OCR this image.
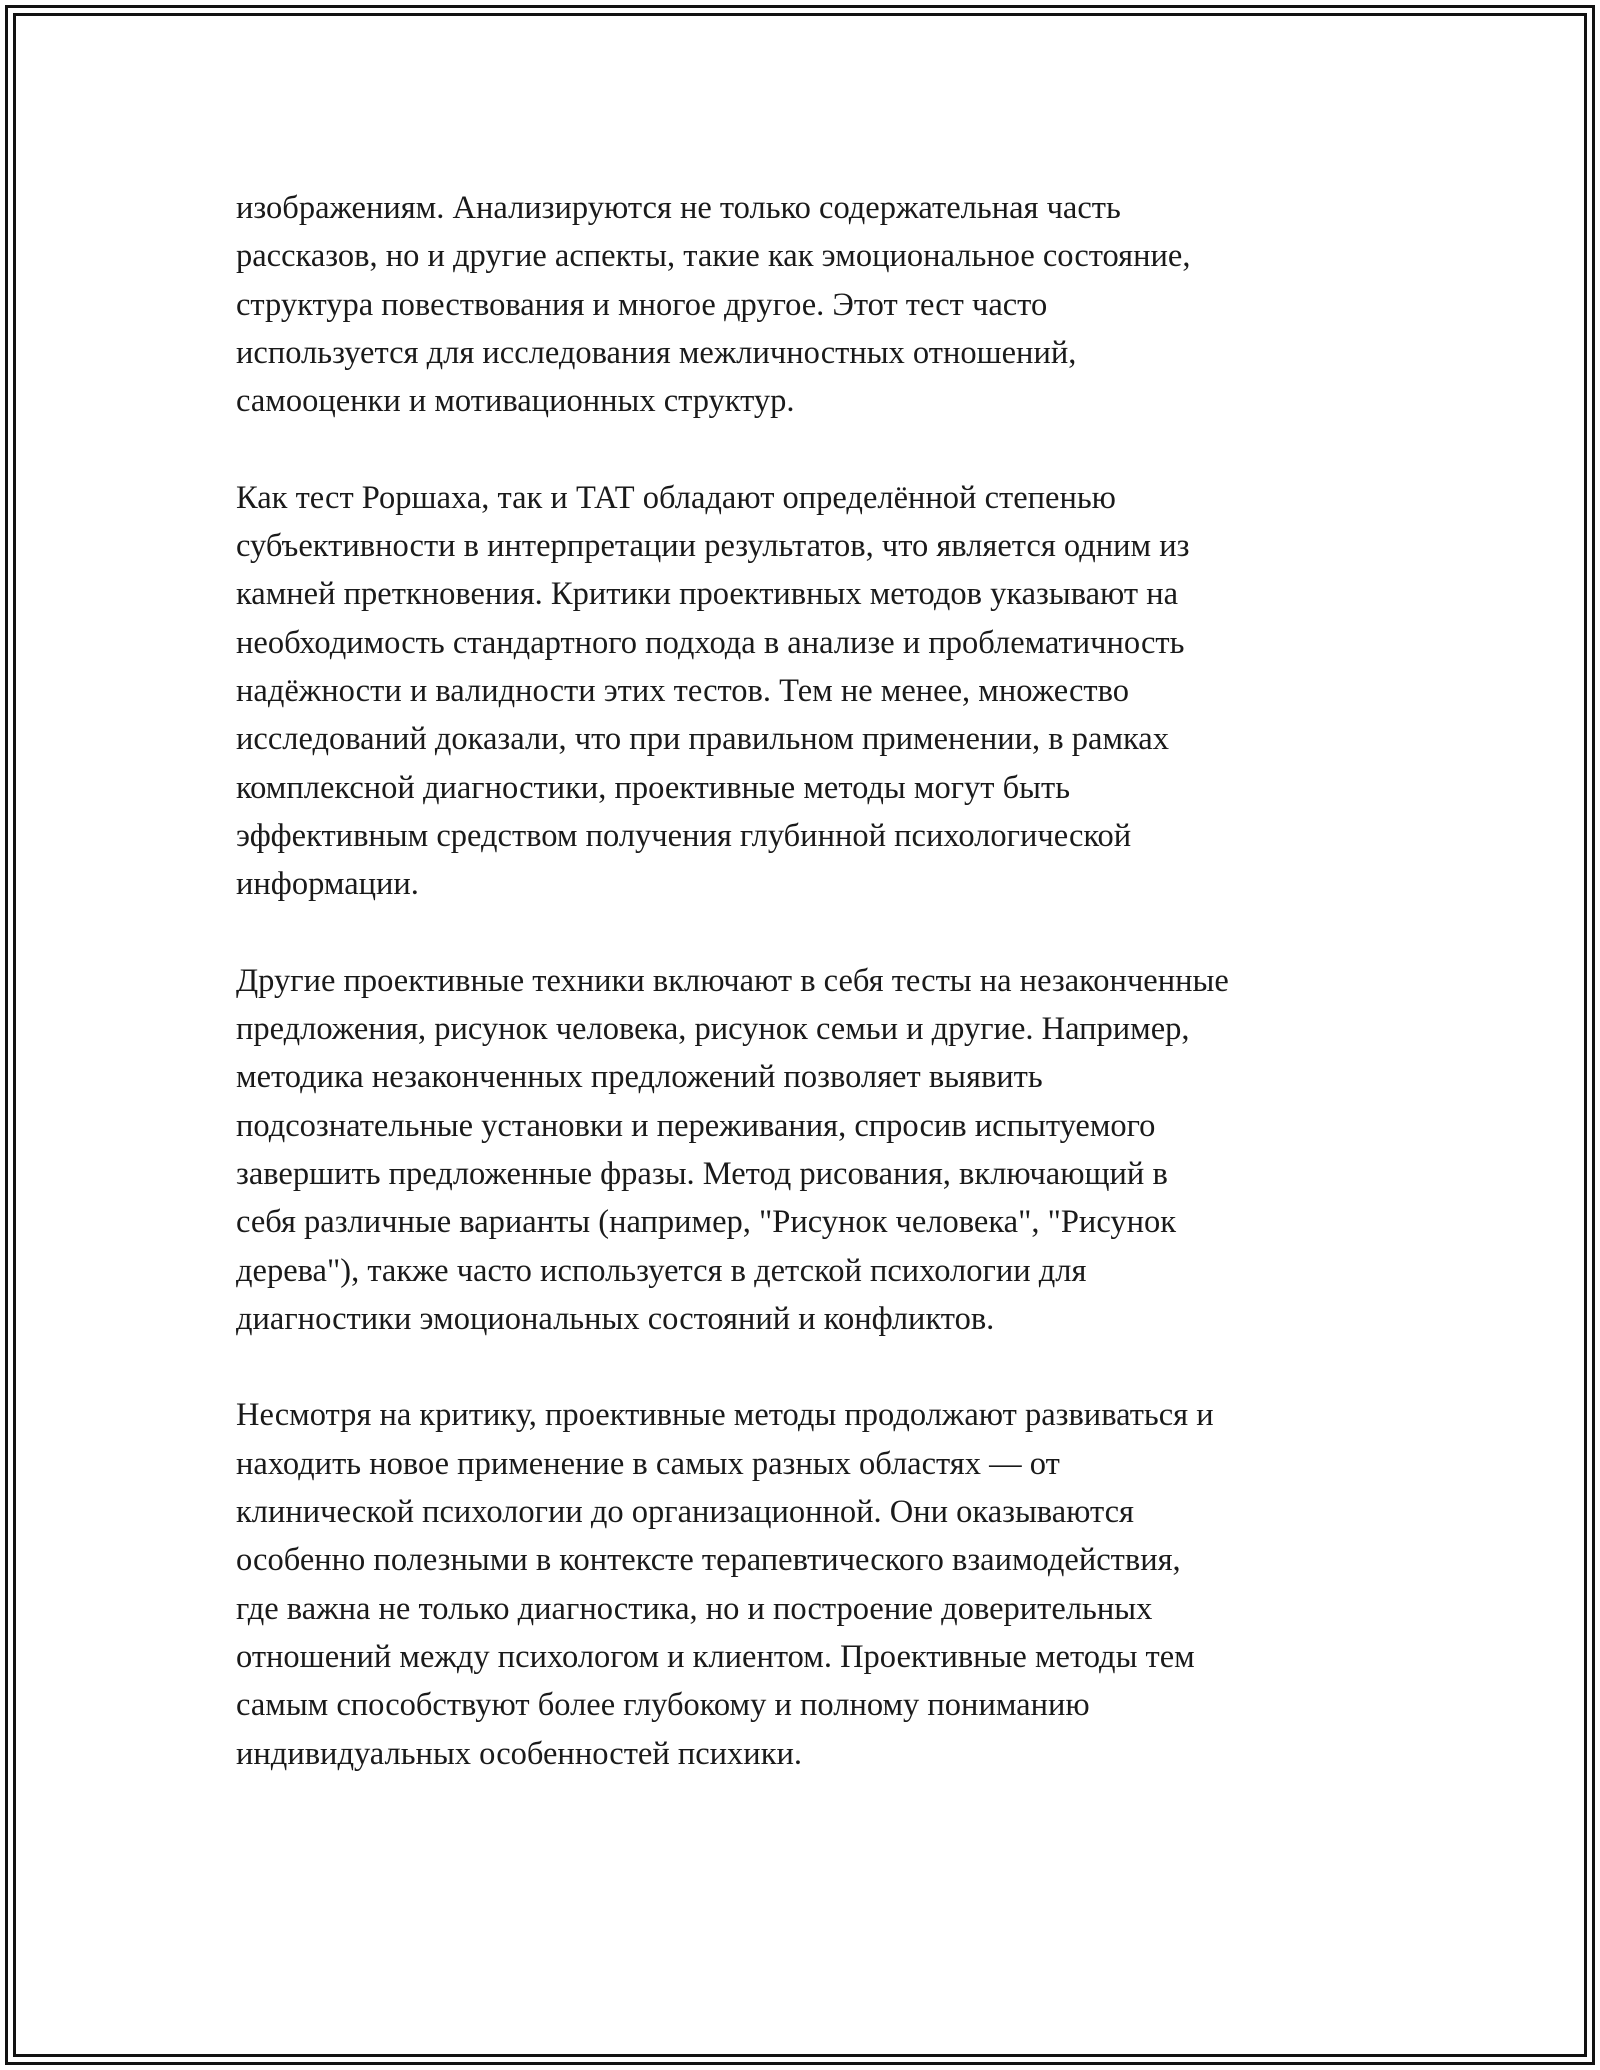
изображениям. Анализируются не только содержательная часть
рассказов, но и другие аспекты, такие как эмоциональное состояние,
структура повествования и многое другое. Этот тест часто
используется для исследования межличностных отношений,
самооценки и мотивационных структур.

Как тест Роршаха, так и ТАТ обладают определённой степенью
субъективности в интерпретации результатов, что является одним из
камней преткновения. Критики проективных методов указывают на
необходимость стандартного подхода в анализе и проблематичность
надёжности и валидности этих тестов. Тем не менее, множество
исследований доказали, что при правильном применении, в рамках
комплексной диагностики, проективные методы могут быть
эффективным средством получения глубинной психологической
информации.

Другие проективные техники включают в себя тесты на незаконченные
предложения, рисунок человека, рисунок семьи и другие. Например,
методика незаконченных предложений позволяет выявить
подсознательные установки и переживания, спросив испытуемого
завершить предложенные фразы. Метод рисования, включающий в
себя различные варианты (например, "Рисунок человека", "Рисунок
дерева"), также часто используется в детской психологии для
диагностики эмоциональных состояний и конфликтов.

Несмотря на критику, проективные методы продолжают развиваться и
находить новое применение в самых разных областях — от
клинической психологии до организационной. Они оказываются
особенно полезными в контексте терапевтического взаимодействия,
где важна не только диагностика, но и построение доверительных
отношений между психологом и клиентом. Проективные методы тем
самым способствуют более глубокому и полному пониманию
индивидуальных особенностей психики.
